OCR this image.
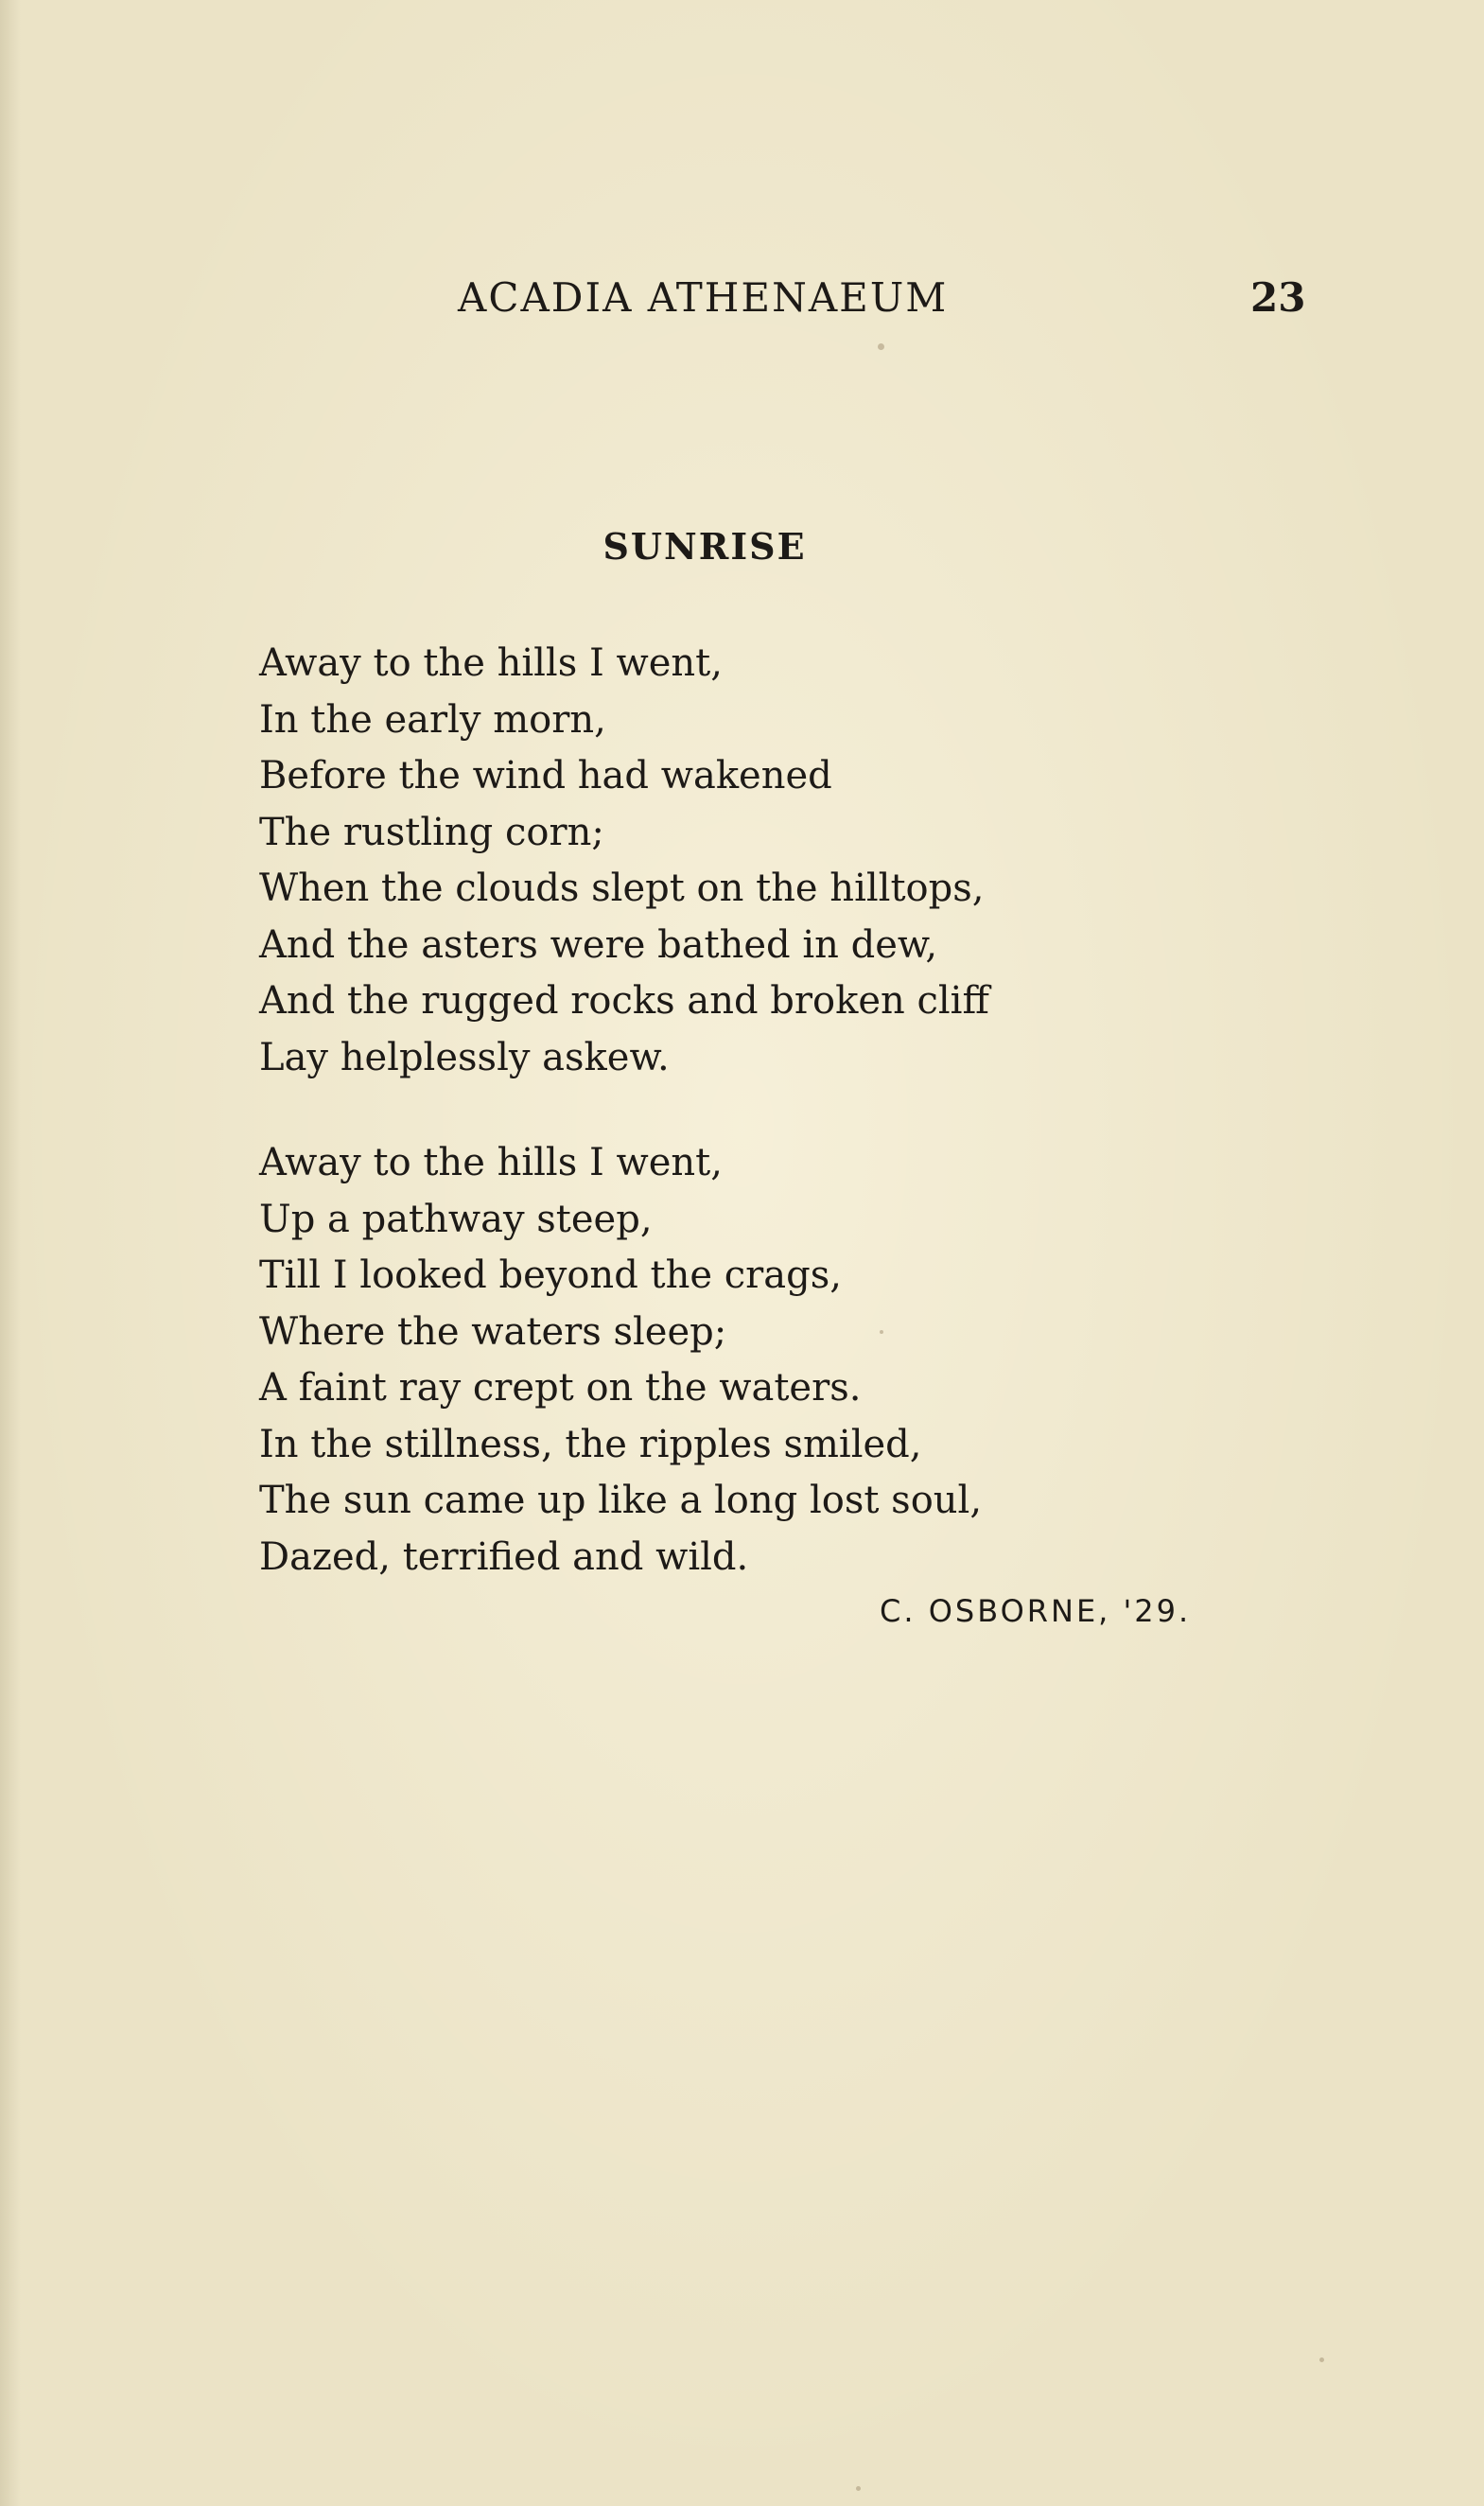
ACADIA ATHENAEUM	23
SUNRISE
Away to the hills I went,
In the early morn,
Before the wind had wakened
The rustling corn;
When the clouds slept on the hilltops,
And the asters were bathed in dew,
And the rugged rocks and broken cliff
Lay helplessly askew.
Away to the hills I went,
Up a pathway steep,
Till I looked beyond the crags,
Where the waters sleep;
A faint ray crept on the waters.
In the stillness, the ripples smiled,
The sun came up like a long lost soul,
Dazed, terrified and wild.
C. OSBORNE, '29.
